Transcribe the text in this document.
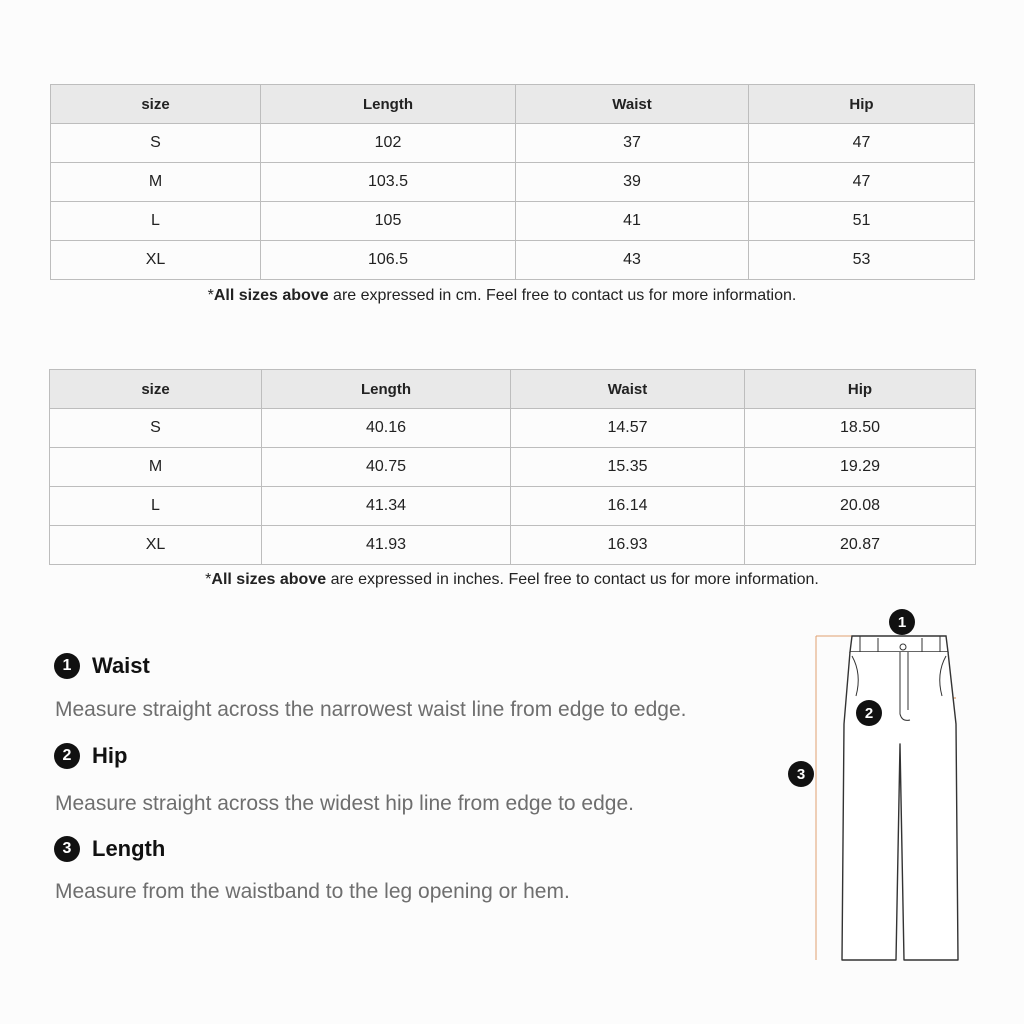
size	Length	Waist	Hip
S	102	37	47
M	103.5	39	47
L	105	41	51
XL	106.5	43	53
*All sizes above are expressed in cm. Feel free to contact us for more information.
size	Length	Waist	Hip
S	40.16	14.57	18.50
M	40.75	15.35	19.29
L	41.34	16.14	20.08
XL	41.93	16.93	20.87
*All sizes above are expressed in inches. Feel free to contact us for more information.
1 Waist
Measure straight across the narrowest waist line from edge to edge.
2 Hip
Measure straight across the widest hip line from edge to edge.
3 Length
Measure from the waistband to the leg opening or hem.
1
2
3
